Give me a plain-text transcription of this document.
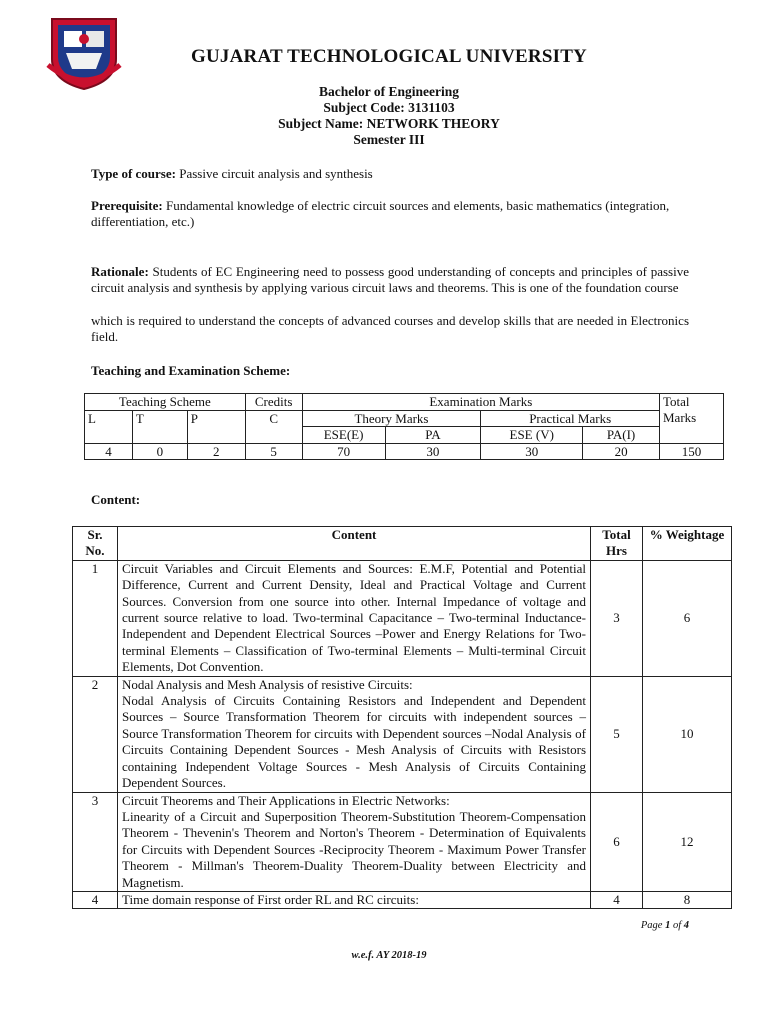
GUJARAT TECHNOLOGICAL UNIVERSITY
Bachelor of Engineering
Subject Code: 3131103
Subject Name: NETWORK THEORY
Semester III
Type of course: Passive circuit analysis and synthesis
Prerequisite: Fundamental knowledge of electric circuit sources and elements, basic mathematics (integration, differentiation, etc.)
Rationale: Students of EC Engineering need to possess good understanding of concepts and principles of passive circuit analysis and synthesis by applying various circuit laws and theorems. This is one of the foundation course
which is required to understand the concepts of advanced courses and develop skills that are needed in Electronics field.
Teaching and Examination Scheme:
Teaching Scheme			Credits	Examination Marks				Total
Marks
L	T	P	C	Theory Marks		Practical Marks		
				ESE(E)	PA	ESE (V)	PA(I)	
4	0	2	5	70	30	30	20	150
Content:
Sr. No.	Content	Total Hrs	% Weightage
1	Circuit Variables and Circuit Elements and Sources: E.M.F, Potential and Potential Difference, Current and Current Density, Ideal and Practical Voltage and Current Sources. Conversion from one source into other. Internal Impedance of voltage and current source relative to load. Two-terminal Capacitance – Two-terminal Inductance- Independent and Dependent Electrical Sources –Power and Energy Relations for Two-terminal Elements – Classification of Two-terminal Elements – Multi-terminal Circuit Elements, Dot Convention.	3	6
2	Nodal Analysis and Mesh Analysis of resistive Circuits:
Nodal Analysis of Circuits Containing Resistors and Independent and Dependent Sources – Source Transformation Theorem for circuits with independent sources – Source Transformation Theorem for circuits with Dependent sources –Nodal Analysis of Circuits Containing Dependent Sources - Mesh Analysis of Circuits with Resistors containing Independent Voltage Sources - Mesh Analysis of Circuits Containing Dependent Sources.	5	10
3	Circuit Theorems and Their Applications in Electric Networks:
Linearity of a Circuit and Superposition Theorem-Substitution Theorem-Compensation Theorem - Thevenin's Theorem and Norton's Theorem - Determination of Equivalents for Circuits with Dependent Sources -Reciprocity Theorem - Maximum Power Transfer Theorem - Millman's Theorem-Duality Theorem-Duality between Electricity and Magnetism.	6	12
4	Time domain response of First order RL and RC circuits:	4	8
Page 1 of 4
w.e.f. AY 2018-19
